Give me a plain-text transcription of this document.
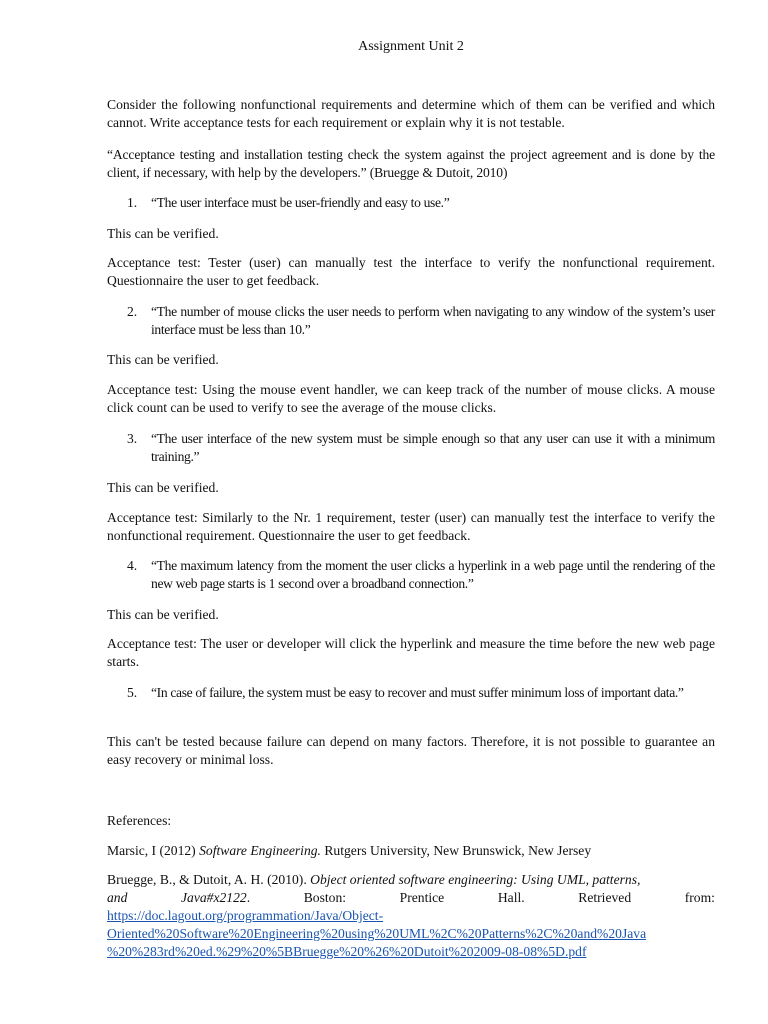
Assignment Unit 2

Consider the following nonfunctional requirements and determine which of them can be verified and which cannot. Write acceptance tests for each requirement or explain why it is not testable.

“Acceptance testing and installation testing check the system against the project agreement and is done by the client, if necessary, with help by the developers.” (Bruegge & Dutoit, 2010)

1.	“The user interface must be user-friendly and easy to use.”

This can be verified.

Acceptance test: Tester (user) can manually test the interface to verify the nonfunctional requirement. Questionnaire the user to get feedback.

2.	“The number of mouse clicks the user needs to perform when navigating to any window of the system’s user interface must be less than 10.”

This can be verified.

Acceptance test: Using the mouse event handler, we can keep track of the number of mouse clicks. A mouse click count can be used to verify to see the average of the mouse clicks.

3.	“The user interface of the new system must be simple enough so that any user can use it with a minimum training.”

This can be verified.

Acceptance test: Similarly to the Nr. 1 requirement, tester (user) can manually test the interface to verify the nonfunctional requirement. Questionnaire the user to get feedback.

4.	“The maximum latency from the moment the user clicks a hyperlink in a web page until the rendering of the new web page starts is 1 second over a broadband connection.”

This can be verified.

Acceptance test: The user or developer will click the hyperlink and measure the time before the new web page starts.

5.	“In case of failure, the system must be easy to recover and must suffer minimum loss of important data.”

This can't be tested because failure can depend on many factors. Therefore, it is not possible to guarantee an easy recovery or minimal loss.

References:

Marsic, I (2012) Software Engineering. Rutgers University, New Brunswick, New Jersey

Bruegge, B., & Dutoit, A. H. (2010). Object oriented software engineering: Using UML, patterns,
and	Java#x2122.	Boston:	Prentice	Hall.	Retrieved	from:
https://doc.lagout.org/programmation/Java/Object-
Oriented%20Software%20Engineering%20using%20UML%2C%20Patterns%2C%20and%20Java
%20%283rd%20ed.%29%20%5BBruegge%20%26%20Dutoit%202009-08-08%5D.pdf
